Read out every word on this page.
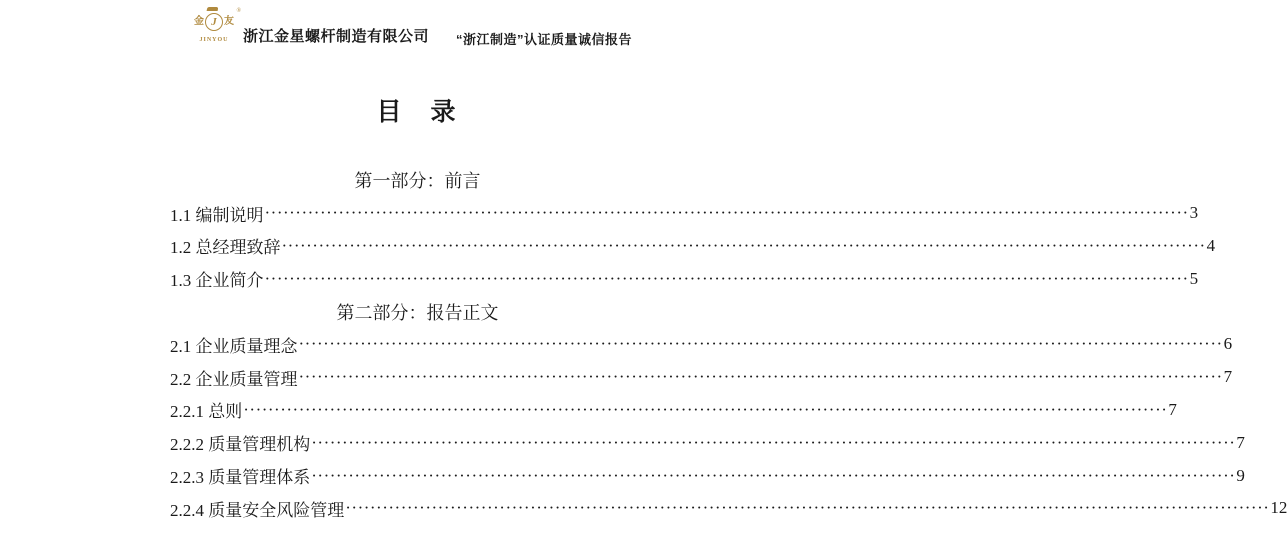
金 J 友
®
JINYOU 浙江金星螺杆制造有限公司 “浙江制造”认证质量诚信报告
目　录
第一部分：前言
1.1 编制说明 ······················································································································································ 3
1.2 总经理致辞 ······················································································································································ 4
1.3 企业简介 ······················································································································································ 5
第二部分：报告正文
2.1 企业质量理念 ······················································································································································ 6
2.2 企业质量管理 ······················································································································································ 7
2.2.1 总则 ······················································································································································ 7
2.2.2 质量管理机构 ······················································································································································ 7
2.2.3 质量管理体系 ······················································································································································ 9
2.2.4 质量安全风险管理 ······················································································································································ 12
